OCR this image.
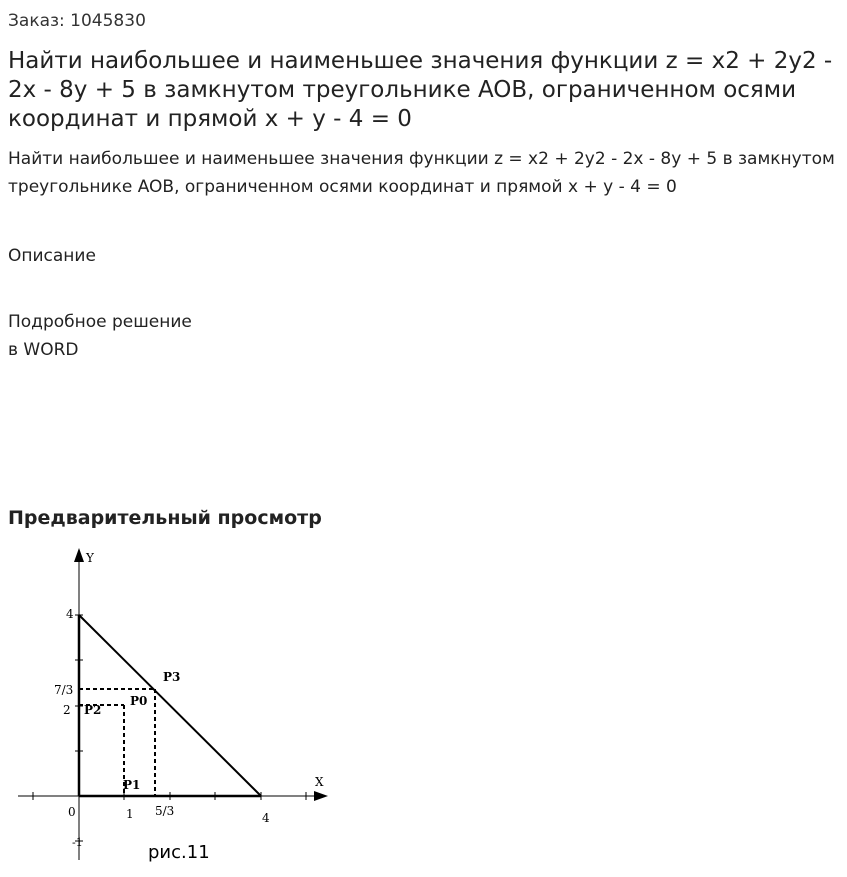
Заказ: 1045830
Найти наибольшее и наименьшее значения функции z = x2 + 2y2 - 2x - 8y + 5 в замкнутом треугольнике AOB, ограниченном осями координат и прямой x + y - 4 = 0
Найти наибольшее и наименьшее значения функции z = x2 + 2y2 - 2x - 8y + 5 в замкнутом треугольнике AOB, ограниченном осями координат и прямой x + y - 4 = 0
Описание
Подробное решение
в WORD
Предварительный просмотр
X
Y
0	1 5/3	4
7/3
2
4
-1
P3
P0
P2
P1
рис.11
